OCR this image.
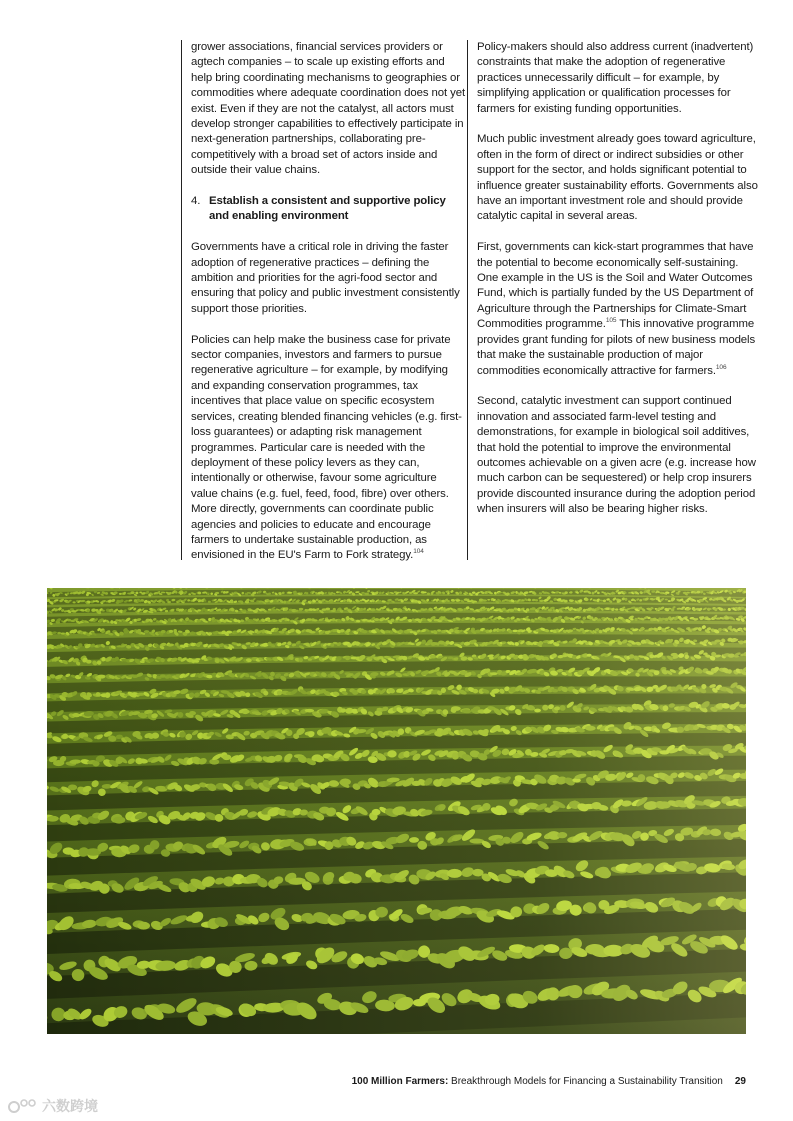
grower associations, financial services providers or agtech companies – to scale up existing efforts and help bring coordinating mechanisms to geographies or commodities where adequate coordination does not yet exist. Even if they are not the catalyst, all actors must develop stronger capabilities to effectively participate in next-generation partnerships, collaborating pre-competitively with a broad set of actors inside and outside their value chains.

4. Establish a consistent and supportive policy and enabling environment

Governments have a critical role in driving the faster adoption of regenerative practices – defining the ambition and priorities for the agri-food sector and ensuring that policy and public investment consistently support those priorities.

Policies can help make the business case for private sector companies, investors and farmers to pursue regenerative agriculture – for example, by modifying and expanding conservation programmes, tax incentives that place value on specific ecosystem services, creating blended financing vehicles (e.g. first-loss guarantees) or adapting risk management programmes. Particular care is needed with the deployment of these policy levers as they can, intentionally or otherwise, favour some agriculture value chains (e.g. fuel, feed, food, fibre) over others. More directly, governments can coordinate public agencies and policies to educate and encourage farmers to undertake sustainable production, as envisioned in the EU's Farm to Fork strategy.$^{104}$

Policy-makers should also address current (inadvertent) constraints that make the adoption of regenerative practices unnecessarily difficult – for example, by simplifying application or qualification processes for farmers for existing funding opportunities.

Much public investment already goes toward agriculture, often in the form of direct or indirect subsidies or other support for the sector, and holds significant potential to influence greater sustainability efforts. Governments also have an important investment role and should provide catalytic capital in several areas.

First, governments can kick-start programmes that have the potential to become economically self-sustaining. One example in the US is the Soil and Water Outcomes Fund, which is partially funded by the US Department of Agriculture through the Partnerships for Climate-Smart Commodities programme.$^{105}$ This innovative programme provides grant funding for pilots of new business models that make the sustainable production of major commodities economically attractive for farmers.$^{106}$

Second, catalytic investment can support continued innovation and associated farm-level testing and demonstrations, for example in biological soil additives, that hold the potential to improve the environmental outcomes achievable on a given acre (e.g. increase how much carbon can be sequestered) or help crop insurers provide discounted insurance during the adoption period when insurers will also be bearing higher risks.

100 Million Farmers: Breakthrough Models for Financing a Sustainability Transition 29
六数跨境
